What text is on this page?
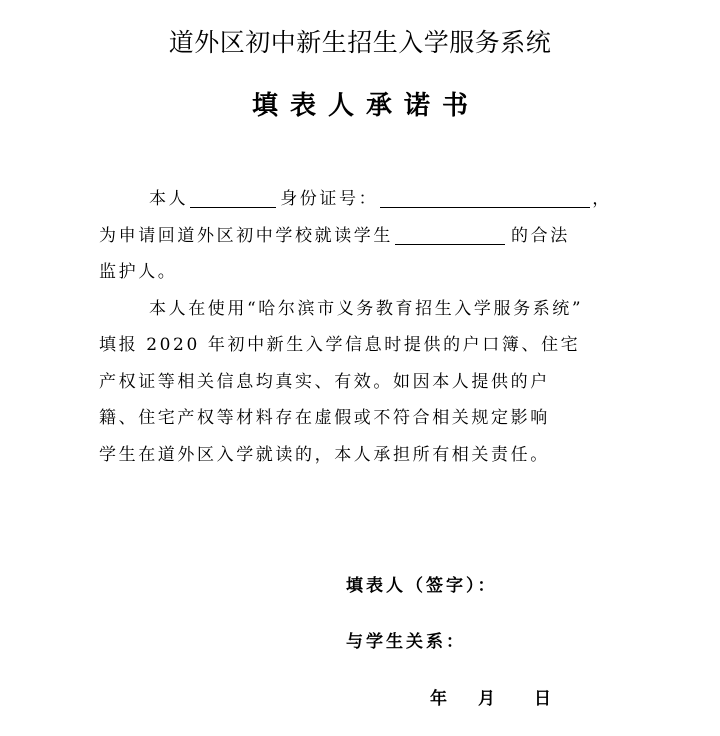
道外区初中新生招生入学服务系统
填表人承诺书
本人	身份证号：	，
为申请回道外区初中学校就读学生	的合法
监护人。
本人在使用“哈尔滨市义务教育招生入学服务系统”
填报 2020 年初中新生入学信息时提供的户口簿、住宅
产权证等相关信息均真实、有效。如因本人提供的户
籍、住宅产权等材料存在虚假或不符合相关规定影响
学生在道外区入学就读的，本人承担所有相关责任。
填表人（签字）：
与学生关系：
年 月 日
